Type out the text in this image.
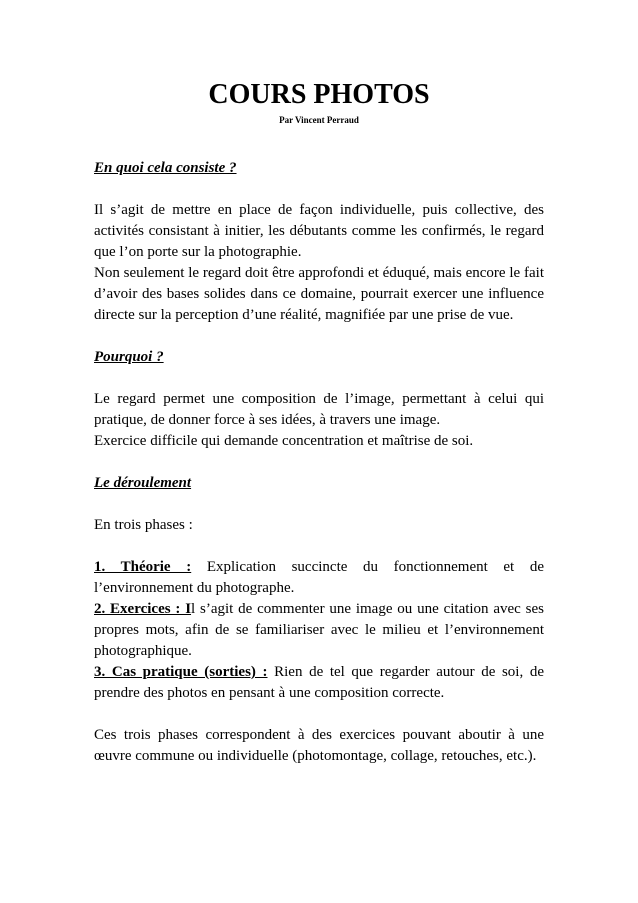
COURS PHOTOS

Par Vincent Perraud

En quoi cela consiste ?

Il s’agit de mettre en place de façon individuelle, puis collective, des activités consistant à initier, les débutants comme les confirmés, le regard que l’on porte sur la photographie.

Non seulement le regard doit être approfondi et éduqué, mais encore le fait d’avoir des bases solides dans ce domaine, pourrait exercer une influence directe sur la perception d’une réalité, magnifiée par une prise de vue.

Pourquoi ?

Le regard permet une composition de l’image, permettant à celui qui pratique, de donner force à ses idées, à travers une image.

Exercice difficile qui demande concentration et maîtrise de soi.

Le déroulement

En trois phases :

1. Théorie : Explication succincte du fonctionnement et de l’environnement du photographe.

2. Exercices : Il s’agit de commenter une image ou une citation avec ses propres mots, afin de se familiariser avec le milieu et l’environnement photographique.

3. Cas pratique (sorties) : Rien de tel que regarder autour de soi, de prendre des photos en pensant à une composition correcte.

Ces trois phases correspondent à des exercices pouvant aboutir à une œuvre commune ou individuelle (photomontage, collage, retouches, etc.).
